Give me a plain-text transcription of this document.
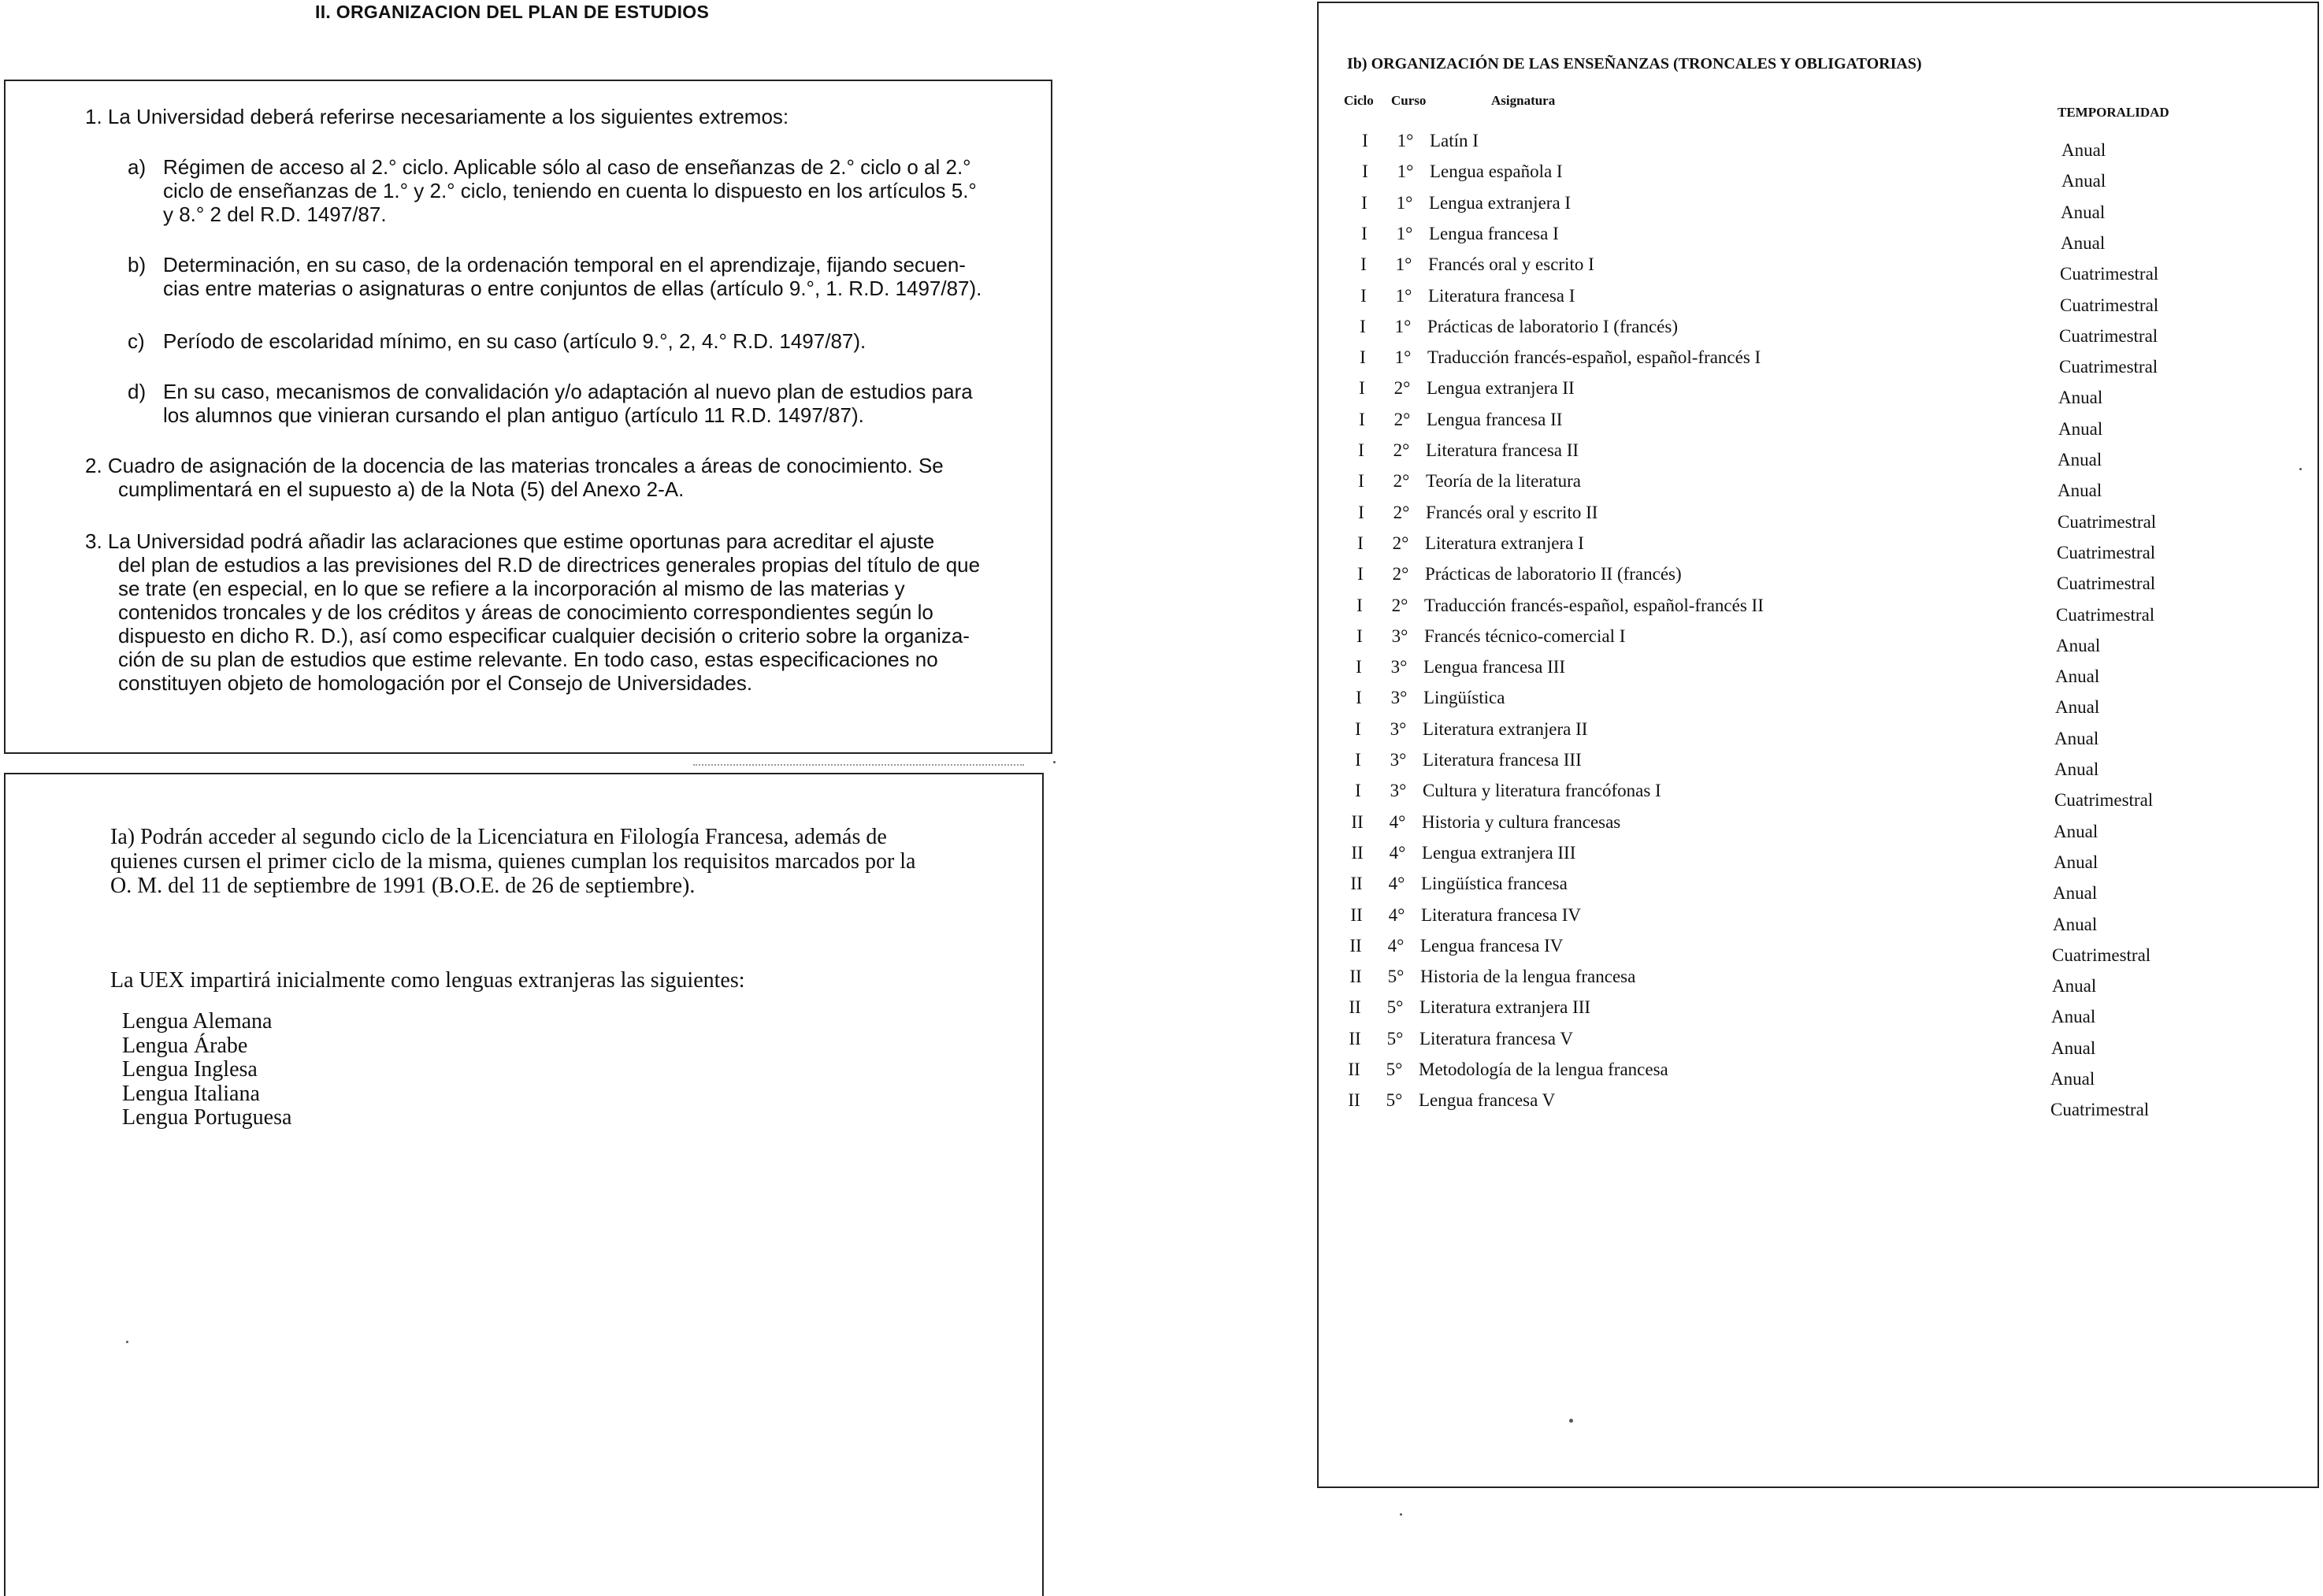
II. ORGANIZACION DEL PLAN DE ESTUDIOS
1. La Universidad deberá referirse necesariamente a los siguientes extremos:
a) Régimen de acceso al 2.° ciclo. Aplicable sólo al caso de enseñanzas de 2.° ciclo o al 2.°
ciclo de enseñanzas de 1.° y 2.° ciclo, teniendo en cuenta lo dispuesto en los artículos 5.°
y 8.° 2 del R.D. 1497/87.
b) Determinación, en su caso, de la ordenación temporal en el aprendizaje, fijando secuen-
cias entre materias o asignaturas o entre conjuntos de ellas (artículo 9.°, 1. R.D. 1497/87).
c) Período de escolaridad mínimo, en su caso (artículo 9.°, 2, 4.° R.D. 1497/87).
d) En su caso, mecanismos de convalidación y/o adaptación al nuevo plan de estudios para
los alumnos que vinieran cursando el plan antiguo (artículo 11 R.D. 1497/87).
2. Cuadro de asignación de la docencia de las materias troncales a áreas de conocimiento. Se
cumplimentará en el supuesto a) de la Nota (5) del Anexo 2-A.
3. La Universidad podrá añadir las aclaraciones que estime oportunas para acreditar el ajuste
del plan de estudios a las previsiones del R.D de directrices generales propias del título de que
se trate (en especial, en lo que se refiere a la incorporación al mismo de las materias y
contenidos troncales y de los créditos y áreas de conocimiento correspondientes según lo
dispuesto en dicho R. D.), así como especificar cualquier decisión o criterio sobre la organiza-
ción de su plan de estudios que estime relevante. En todo caso, estas especificaciones no
constituyen objeto de homologación por el Consejo de Universidades.
Ia) Podrán acceder al segundo ciclo de la Licenciatura en Filología Francesa, además de
quienes cursen el primer ciclo de la misma, quienes cumplan los requisitos marcados por la
O. M. del 11 de septiembre de 1991 (B.O.E. de 26 de septiembre).
La UEX impartirá inicialmente como lenguas extranjeras las siguientes:
Lengua Alemana
Lengua Árabe
Lengua Inglesa
Lengua Italiana
Lengua Portuguesa
Ib) ORGANIZACIÓN DE LAS ENSEÑANZAS (TRONCALES Y OBLIGATORIAS)
Ciclo Curso	Asignatura
TEMPORALIDAD
I	1° Latín I	Anual
I	1° Lengua española I	Anual
I	1° Lengua extranjera I	Anual
I	1° Lengua francesa I	Anual
I	1° Francés oral y escrito I	Cuatrimestral
I	1° Literatura francesa I	Cuatrimestral
I	1° Prácticas de laboratorio I (francés)	Cuatrimestral
I	1° Traducción francés-español, español-francés I	Cuatrimestral
I	2° Lengua extranjera II	Anual
I	2° Lengua francesa II	Anual
I	2° Literatura francesa II	Anual
I	2° Teoría de la literatura	Anual
I	2° Francés oral y escrito II	Cuatrimestral
I	2° Literatura extranjera I	Cuatrimestral
I	2° Prácticas de laboratorio II (francés)	Cuatrimestral
I	2° Traducción francés-español, español-francés II	Cuatrimestral
I	3° Francés técnico-comercial I	Anual
I	3° Lengua francesa III	Anual
I	3° Lingüística	Anual
I	3° Literatura extranjera II	Anual
I	3° Literatura francesa III	Anual
I	3° Cultura y literatura francófonas I	Cuatrimestral
II	4° Historia y cultura francesas	Anual
II	4° Lengua extranjera III	Anual
II	4° Lingüística francesa	Anual
II	4° Literatura francesa IV	Anual
II	4° Lengua francesa IV	Cuatrimestral
II	5° Historia de la lengua francesa	Anual
II	5° Literatura extranjera III	Anual
II	5° Literatura francesa V	Anual
II	5° Metodología de la lengua francesa	Anual
II	5° Lengua francesa V	Cuatrimestral
